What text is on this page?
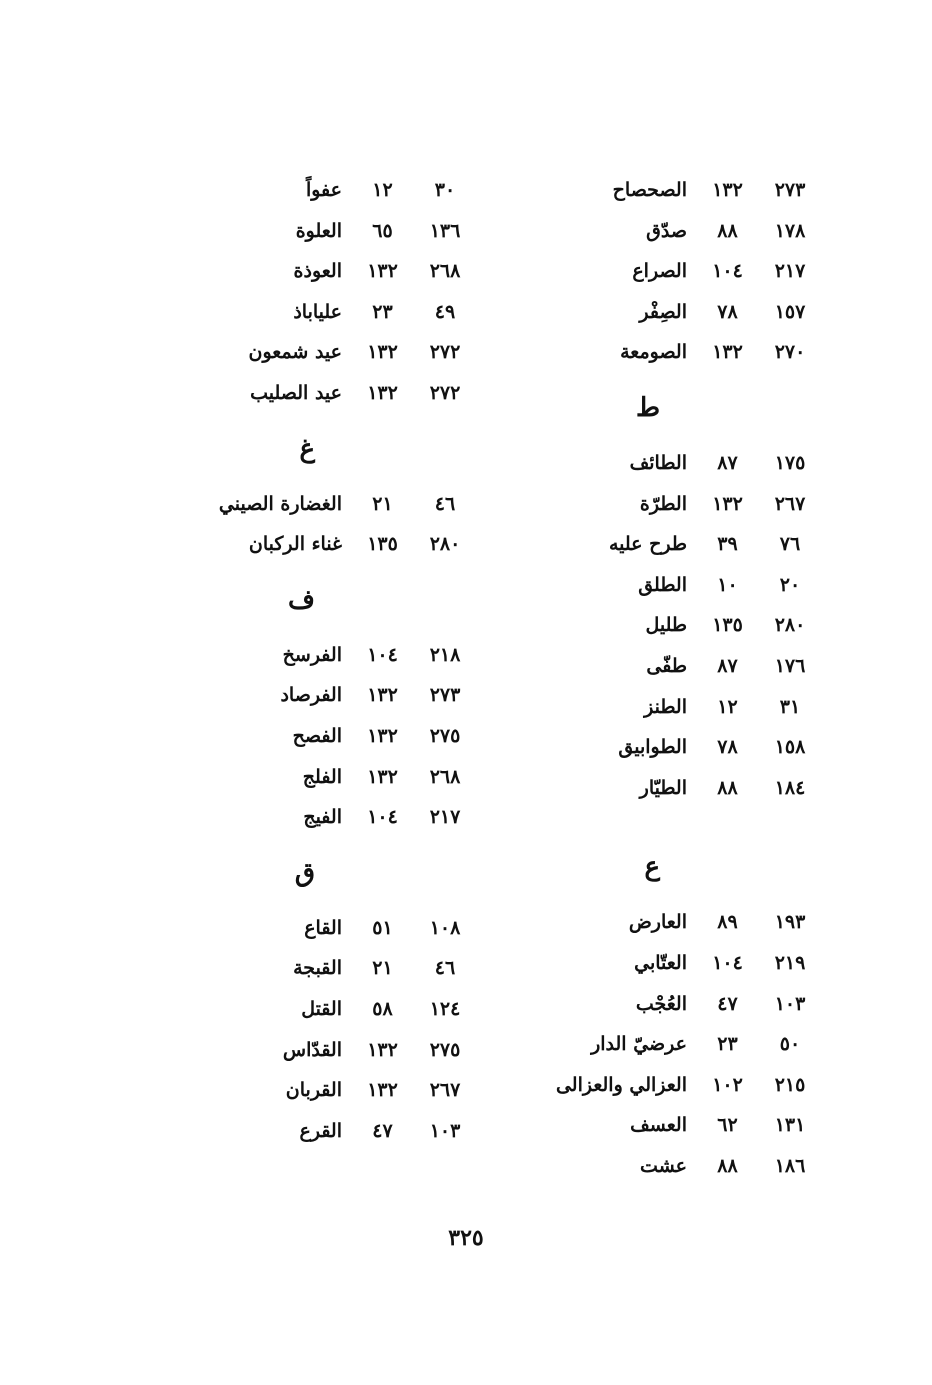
٢٧٣
١٣٢
الصحصاح
١٧٨
٨٨
صدّق
٢١٧
١٠٤
الصراع
١٥٧
٧٨
الصِفْر
٢٧٠
١٣٢
الصومعة
ط
١٧٥
٨٧
الطائف
٢٦٧
١٣٢
الطرّة
٧٦
٣٩
طرح عليه
٢٠
١٠
الطلق
٢٨٠
١٣٥
طليل
١٧٦
٨٧
طفّى
٣١
١٢
الطنز
١٥٨
٧٨
الطوابيق
١٨٤
٨٨
الطيّار
ع
١٩٣
٨٩
العارض
٢١٩
١٠٤
العتّابي
١٠٣
٤٧
العُجْب
٥٠
٢٣
عرضيّ الدار
٢١٥
١٠٢
العزالي والعزالى
١٣١
٦٢
العسف
١٨٦
٨٨
عشت
٣٠
١٢
عفواً
١٣٦
٦٥
العلوة
٢٦٨
١٣٢
العوذة
٤٩
٢٣
علياباذ
٢٧٢
١٣٢
عيد شمعون
٢٧٢
١٣٢
عيد الصليب
غ
٤٦
٢١
الغضارة الصيني
٢٨٠
١٣٥
غناء الركبان
ف
٢١٨
١٠٤
الفرسخ
٢٧٣
١٣٢
الفرصاد
٢٧٥
١٣٢
الفصح
٢٦٨
١٣٢
الفلج
٢١٧
١٠٤
الفيج
ق
١٠٨
٥١
القاع
٤٦
٢١
القبجة
١٢٤
٥٨
القتل
٢٧٥
١٣٢
القدّاس
٢٦٧
١٣٢
القربان
١٠٣
٤٧
القرع
٣٢٥
